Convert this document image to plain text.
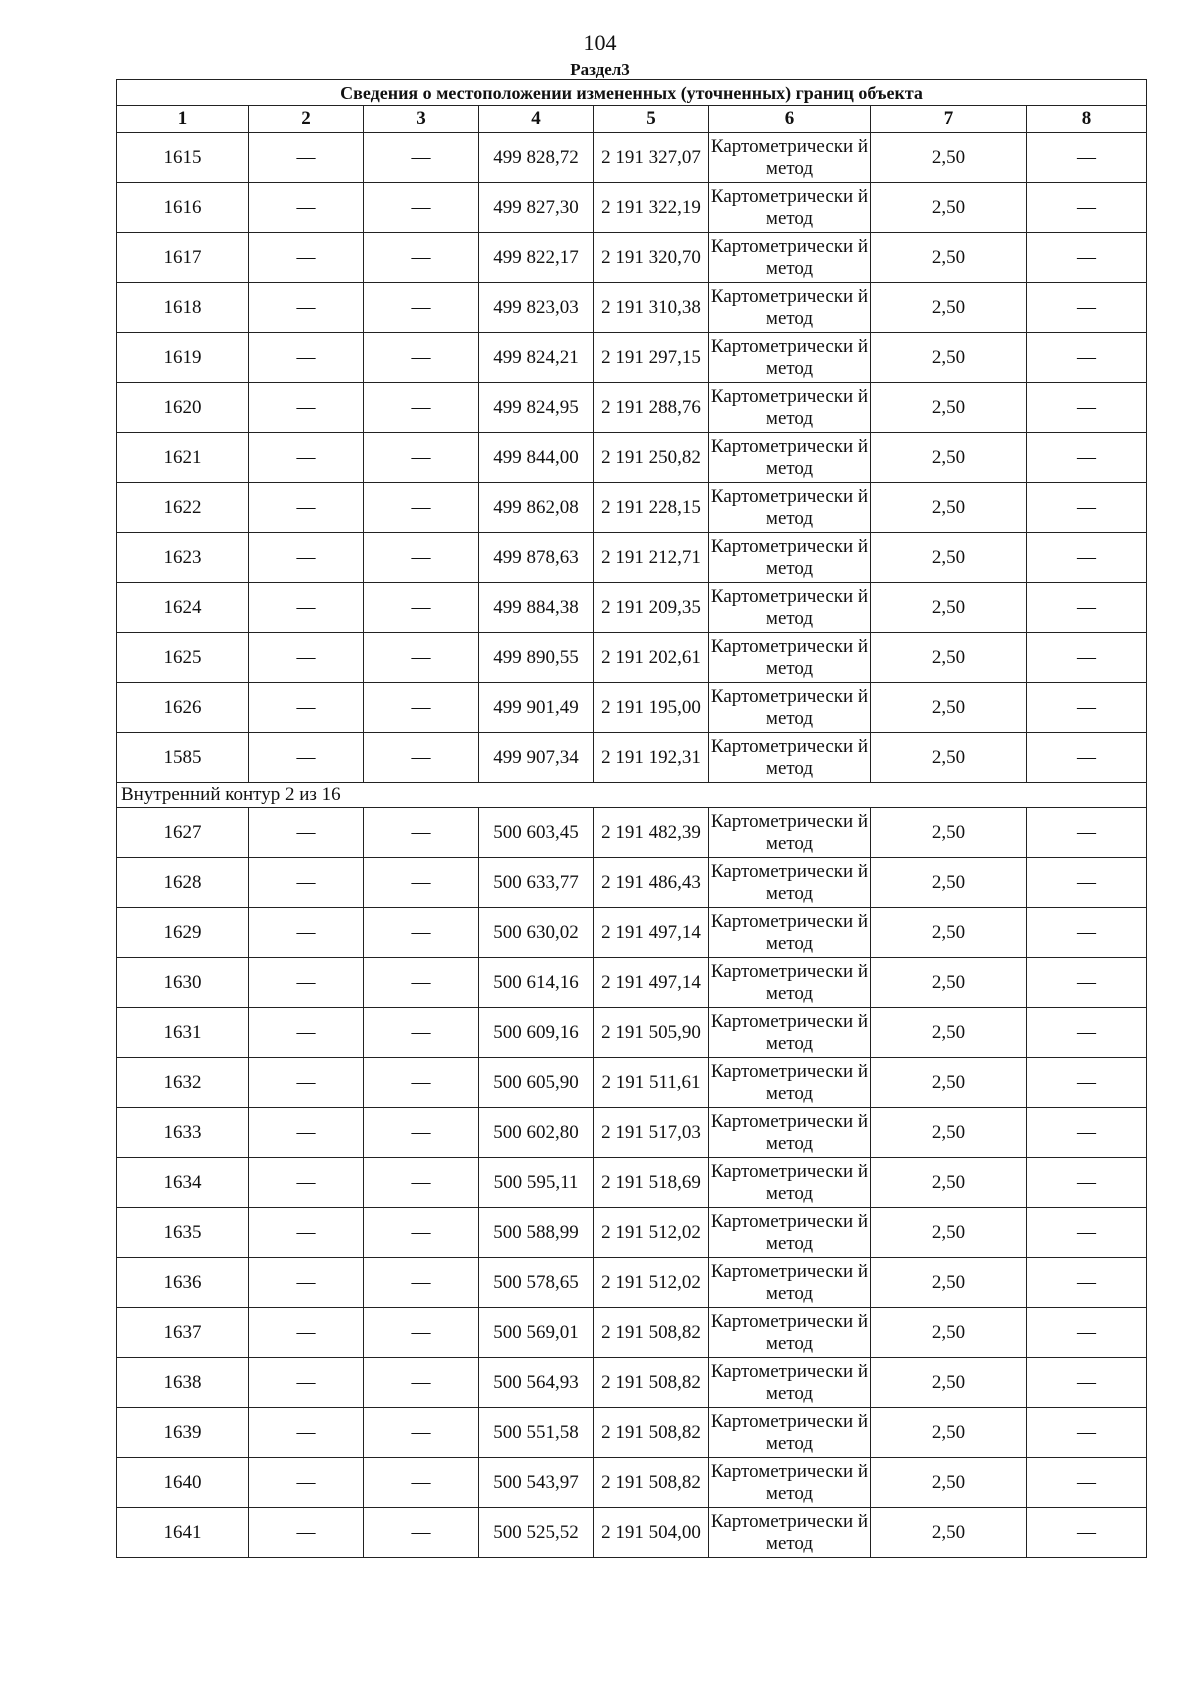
104
Раздел3
Сведения о местоположении измененных (уточненных) границ объекта							
1	2	3	4	5	6	7	8
1615	—	—	499 828,72	2 191 327,07	Картометрически й метод	2,50	—
1616	—	—	499 827,30	2 191 322,19	Картометрически й метод	2,50	—
1617	—	—	499 822,17	2 191 320,70	Картометрически й метод	2,50	—
1618	—	—	499 823,03	2 191 310,38	Картометрически й метод	2,50	—
1619	—	—	499 824,21	2 191 297,15	Картометрически й метод	2,50	—
1620	—	—	499 824,95	2 191 288,76	Картометрически й метод	2,50	—
1621	—	—	499 844,00	2 191 250,82	Картометрически й метод	2,50	—
1622	—	—	499 862,08	2 191 228,15	Картометрически й метод	2,50	—
1623	—	—	499 878,63	2 191 212,71	Картометрически й метод	2,50	—
1624	—	—	499 884,38	2 191 209,35	Картометрически й метод	2,50	—
1625	—	—	499 890,55	2 191 202,61	Картометрически й метод	2,50	—
1626	—	—	499 901,49	2 191 195,00	Картометрически й метод	2,50	—
1585	—	—	499 907,34	2 191 192,31	Картометрически й метод	2,50	—
Внутренний контур 2 из 16							
1627	—	—	500 603,45	2 191 482,39	Картометрически й метод	2,50	—
1628	—	—	500 633,77	2 191 486,43	Картометрически й метод	2,50	—
1629	—	—	500 630,02	2 191 497,14	Картометрически й метод	2,50	—
1630	—	—	500 614,16	2 191 497,14	Картометрически й метод	2,50	—
1631	—	—	500 609,16	2 191 505,90	Картометрически й метод	2,50	—
1632	—	—	500 605,90	2 191 511,61	Картометрически й метод	2,50	—
1633	—	—	500 602,80	2 191 517,03	Картометрически й метод	2,50	—
1634	—	—	500 595,11	2 191 518,69	Картометрически й метод	2,50	—
1635	—	—	500 588,99	2 191 512,02	Картометрически й метод	2,50	—
1636	—	—	500 578,65	2 191 512,02	Картометрически й метод	2,50	—
1637	—	—	500 569,01	2 191 508,82	Картометрически й метод	2,50	—
1638	—	—	500 564,93	2 191 508,82	Картометрически й метод	2,50	—
1639	—	—	500 551,58	2 191 508,82	Картометрически й метод	2,50	—
1640	—	—	500 543,97	2 191 508,82	Картометрически й метод	2,50	—
1641	—	—	500 525,52	2 191 504,00	Картометрически й метод	2,50	—
